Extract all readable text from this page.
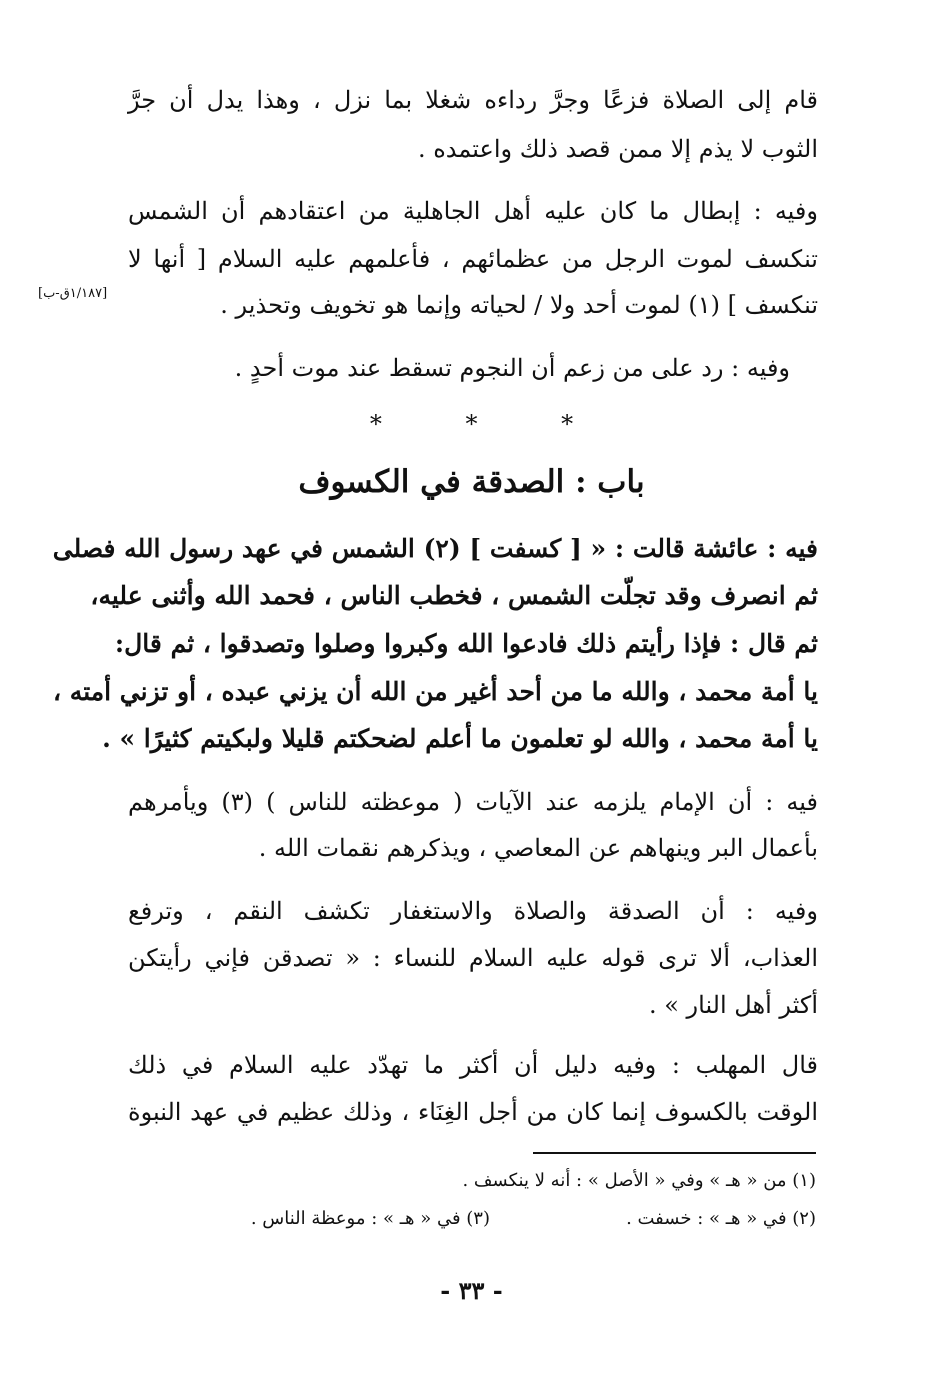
قام إلى الصلاة فزعًا وجرَّ رداءه شغلا بما نزل ، وهذا يدل أن جرَّ
الثوب لا يذم إلا ممن قصد ذلك واعتمده .
وفيه : إبطال ما كان عليه أهل الجاهلية من اعتقادهم أن الشمس
تنكسف لموت الرجل من عظمائهم ، فأعلمهم عليه السلام [ أنها لا
تنكسف ] (١) لموت أحد ولا / لحياته وإنما هو تخويف وتحذير .
[١/١٨٧ق-ب]
وفيه : رد على من زعم أن النجوم تسقط عند موت أحدٍ .
*	*	*
باب : الصدقة في الكسوف
فيه : عائشة قالت : « [ كسفت ] (٢) الشمس في عهد رسول الله فصلى
ثم انصرف وقد تجلّت الشمس ، فخطب الناس ، فحمد الله وأثنى عليه،
ثم قال : فإذا رأيتم ذلك فادعوا الله وكبروا وصلوا وتصدقوا ، ثم قال:
يا أمة محمد ، والله ما من أحد أغير من الله أن يزني عبده ، أو تزني أمته ،
يا أمة محمد ، والله لو تعلمون ما أعلم لضحكتم قليلا ولبكيتم كثيرًا » .
فيه : أن الإمام يلزمه عند الآيات ( موعظته للناس ) (٣) ويأمرهم
بأعمال البر وينهاهم عن المعاصي ، ويذكرهم نقمات الله .
وفيه : أن الصدقة والصلاة والاستغفار تكشف النقم ، وترفع
العذاب، ألا ترى قوله عليه السلام للنساء : « تصدقن فإني رأيتكن
أكثر أهل النار » .
قال المهلب : وفيه دليل أن أكثر ما تهدّد عليه السلام في ذلك
الوقت بالكسوف إنما كان من أجل الغِنَاء ، وذلك عظيم في عهد النبوة
(١) من « هـ » وفي « الأصل » : أنه لا ينكسف .
(٢) في « هـ » : خسفت .
(٣) في « هـ » : موعظة الناس .
- ٣٣ -
